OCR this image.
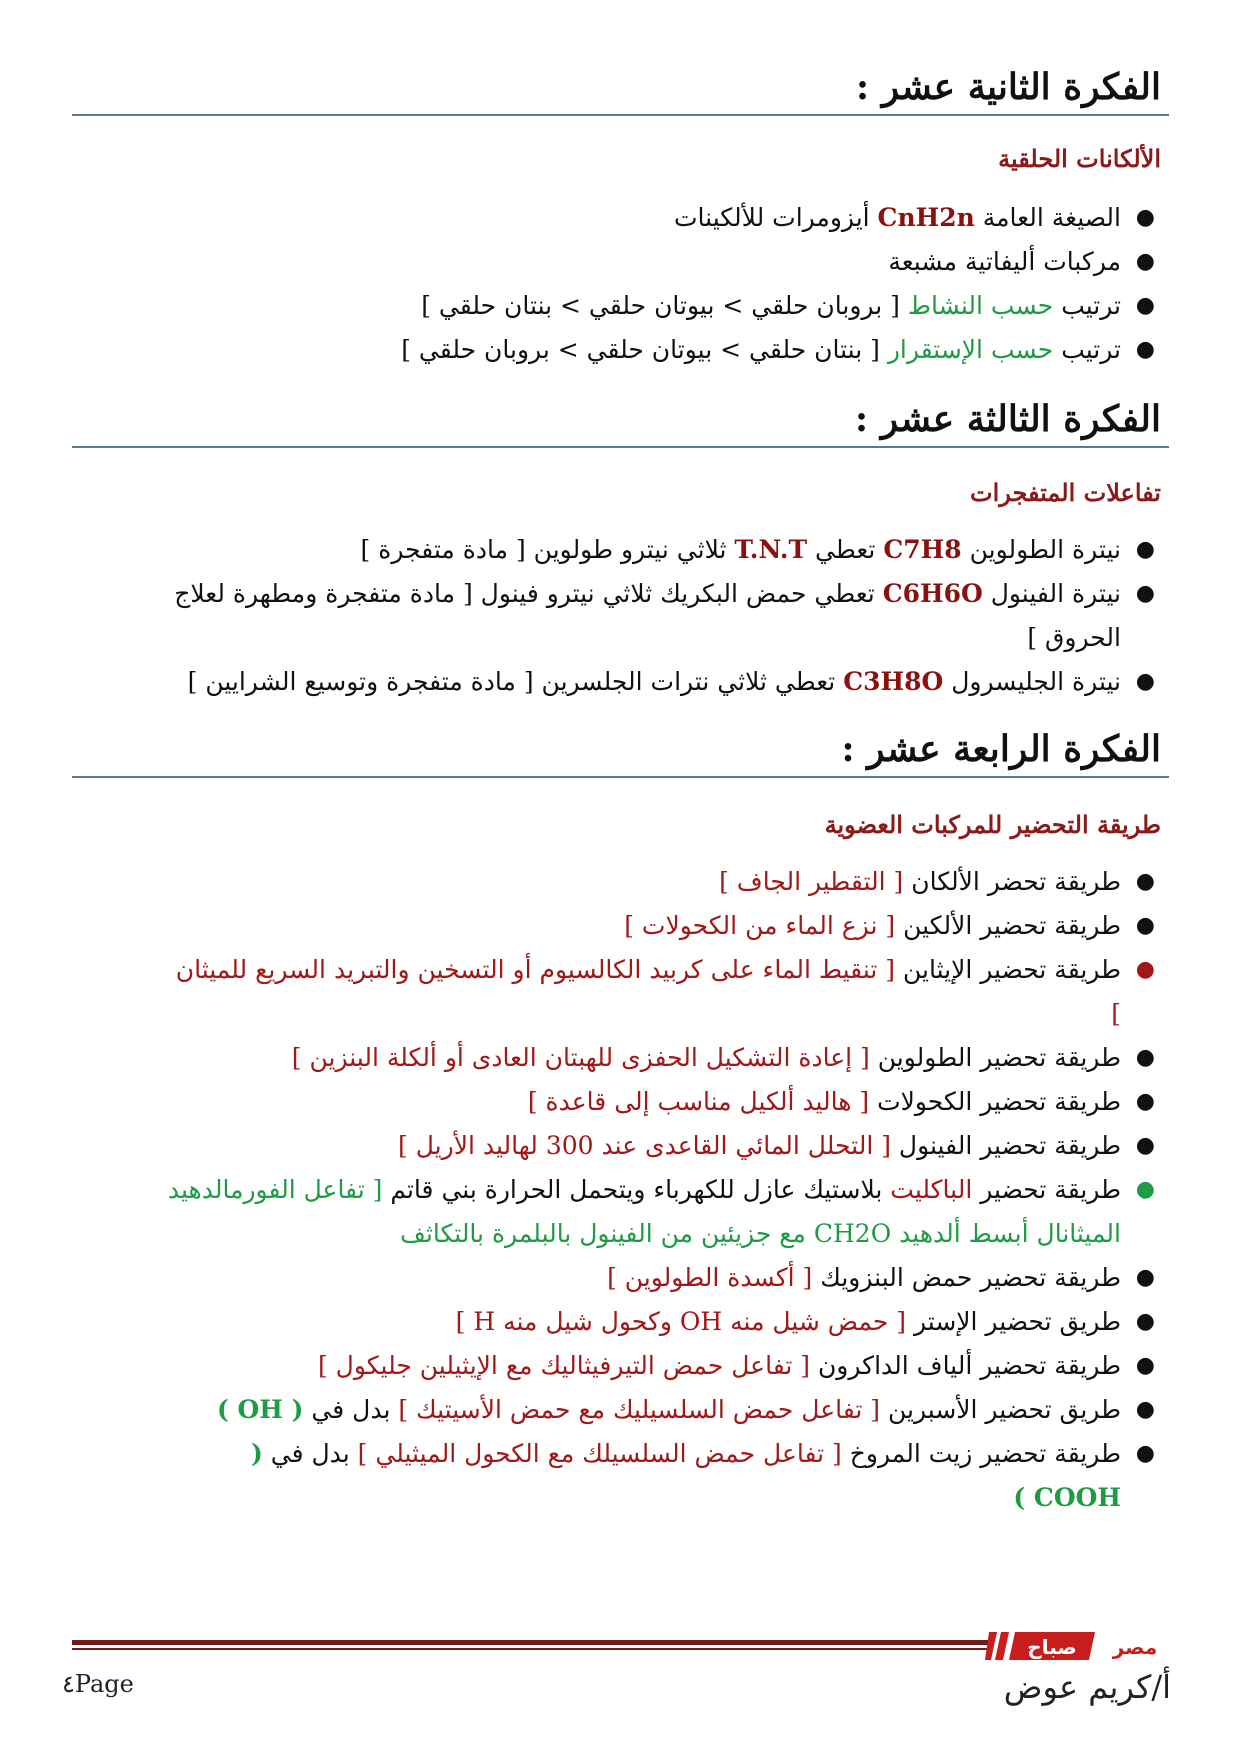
الفكرة الثانية عشر :
الألكانات الحلقية
●
الصيغة العامة CnH2n أيزومرات للألكينات
●
مركبات أليفاتية مشبعة
●
ترتيب حسب النشاط [ بروبان حلقي > بيوتان حلقي > بنتان حلقي ]
●
ترتيب حسب الإستقرار [ بنتان حلقي > بيوتان حلقي > بروبان حلقي ]
الفكرة الثالثة عشر :
تفاعلات المتفجرات
●
نيترة الطولوين C7H8 تعطي T.N.T ثلاثي نيترو طولوين [ مادة متفجرة ]
●
نيترة الفينول C6H6O تعطي حمض البكريك ثلاثي نيترو فينول [ مادة متفجرة ومطهرة لعلاج الحروق ]
●
نيترة الجليسرول C3H8O تعطي ثلاثي نترات الجلسرين [ مادة متفجرة وتوسيع الشرايين ]
الفكرة الرابعة عشر :
طريقة التحضير للمركبات العضوية
●
طريقة تحضر الألكان [ التقطير الجاف ]
●
طريقة تحضير الألكين [ نزع الماء من الكحولات ]
●
طريقة تحضير الإيثاين [ تنقيط الماء على كربيد الكالسيوم أو التسخين والتبريد السريع للميثان ]
●
طريقة تحضير الطولوين [ إعادة التشكيل الحفزى للهبتان العادى أو ألكلة البنزين ]
●
طريقة تحضير الكحولات [ هاليد ألكيل مناسب إلى قاعدة ]
●
طريقة تحضير الفينول [ التحلل المائي القاعدى عند 300 لهاليد الأريل ]
●
طريقة تحضير الباكليت بلاستيك عازل للكهرباء ويتحمل الحرارة بني قاتم [ تفاعل الفورمالدهيد الميثانال أبسط ألدهيد CH2O مع جزيئين من الفينول بالبلمرة بالتكاثف
●
طريقة تحضير حمض البنزويك [ أكسدة الطولوين ]
●
طريق تحضير الإستر [ حمض شيل منه OH وكحول شيل منه H ]
●
طريقة تحضير ألياف الداكرون [ تفاعل حمض التيرفيثاليك مع الإيثيلين جليكول ]
●
طريق تحضير الأسبرين [ تفاعل حمض السلسيليك مع حمض الأسيتيك ] بدل في ( OH )
●
طريقة تحضير زيت المروخ [ تفاعل حمض السلسيلك مع الكحول الميثيلي ] بدل في ( COOH )
صباح مصر
٤Page	أ/كريم عوض
